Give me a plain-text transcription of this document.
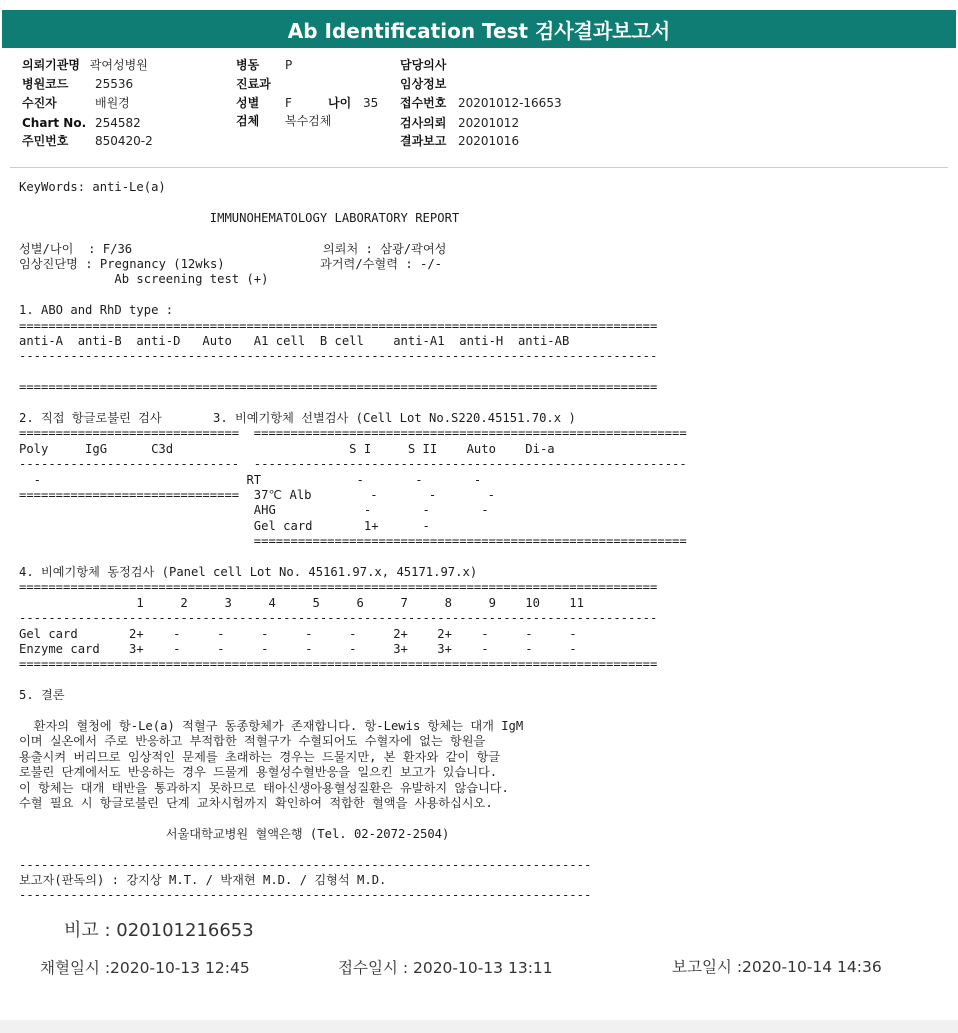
Ab Identification Test 검사결과보고서
의뢰기관명 곽여성병원
병원코드 25536
수진자	배원경
Chart No. 254582
주민번호 850420-2
병동 P
진료과
성별 F	나이 35
검체 복수검체
담당의사
임상정보
접수번호 20201012-16653
검사의뢰 20201012
결과보고 20201016
KeyWords: anti-Le(a)
IMMUNOHEMATOLOGY LABORATORY REPORT
성별/나이  : F/36                          의뢰처 : 삼광/곽여성
임상진단명 : Pregnancy (12wks)             과거력/수혈력 : -/-
Ab screening test (+)
1. ABO and RhD type :
=======================================================================================
anti-A  anti-B  anti-D   Auto   A1 cell  B cell    anti-A1  anti-H  anti-AB
---------------------------------------------------------------------------------------
=======================================================================================
2. 직접 항글로불린 검사       3. 비예기항체 선별검사 (Cell Lot No.S220.45151.70.x )
==============================  ===========================================================
Poly     IgG      C3d                        S I     S II    Auto    Di-a
------------------------------  -----------------------------------------------------------
-                            RT             -       -       -
==============================  37℃ Alb        -       -       -
AHG            -       -       -
Gel card       1+      -
===========================================================
4. 비예기항체 동정검사 (Panel cell Lot No. 45161.97.x, 45171.97.x)
=======================================================================================
1     2     3     4     5     6     7     8     9    10    11
---------------------------------------------------------------------------------------
Gel card       2+    -     -     -     -     -     2+    2+    -     -     -
Enzyme card    3+    -     -     -     -     -     3+    3+    -     -     -
=======================================================================================
5. 결론
환자의 혈청에 항-Le(a) 적혈구 동종항체가 존재합니다. 항-Lewis 항체는 대개 IgM
이며 실온에서 주로 반응하고 부적합한 적혈구가 수혈되어도 수혈자에 없는 항원을
용출시켜 버리므로 임상적인 문제를 초래하는 경우는 드물지만, 본 환자와 같이 항글
로불린 단계에서도 반응하는 경우 드물게 용혈성수혈반응을 일으킨 보고가 있습니다.
이 항체는 대개 태반을 통과하지 못하므로 태아신생아용혈성질환은 유발하지 않습니다.
수혈 필요 시 항글로불린 단계 교차시험까지 확인하여 적합한 혈액을 사용하십시오.
서울대학교병원 혈액은행 (Tel. 02-2072-2504)
------------------------------------------------------------------------------
보고자(판독의) : 강지상 M.T. / 박재현 M.D. / 김형석 M.D.
------------------------------------------------------------------------------
비고 : 020101216653
채혈일시 :2020-10-13 12:45	접수일시 : 2020-10-13 13:11	보고일시 :2020-10-14 14:36
